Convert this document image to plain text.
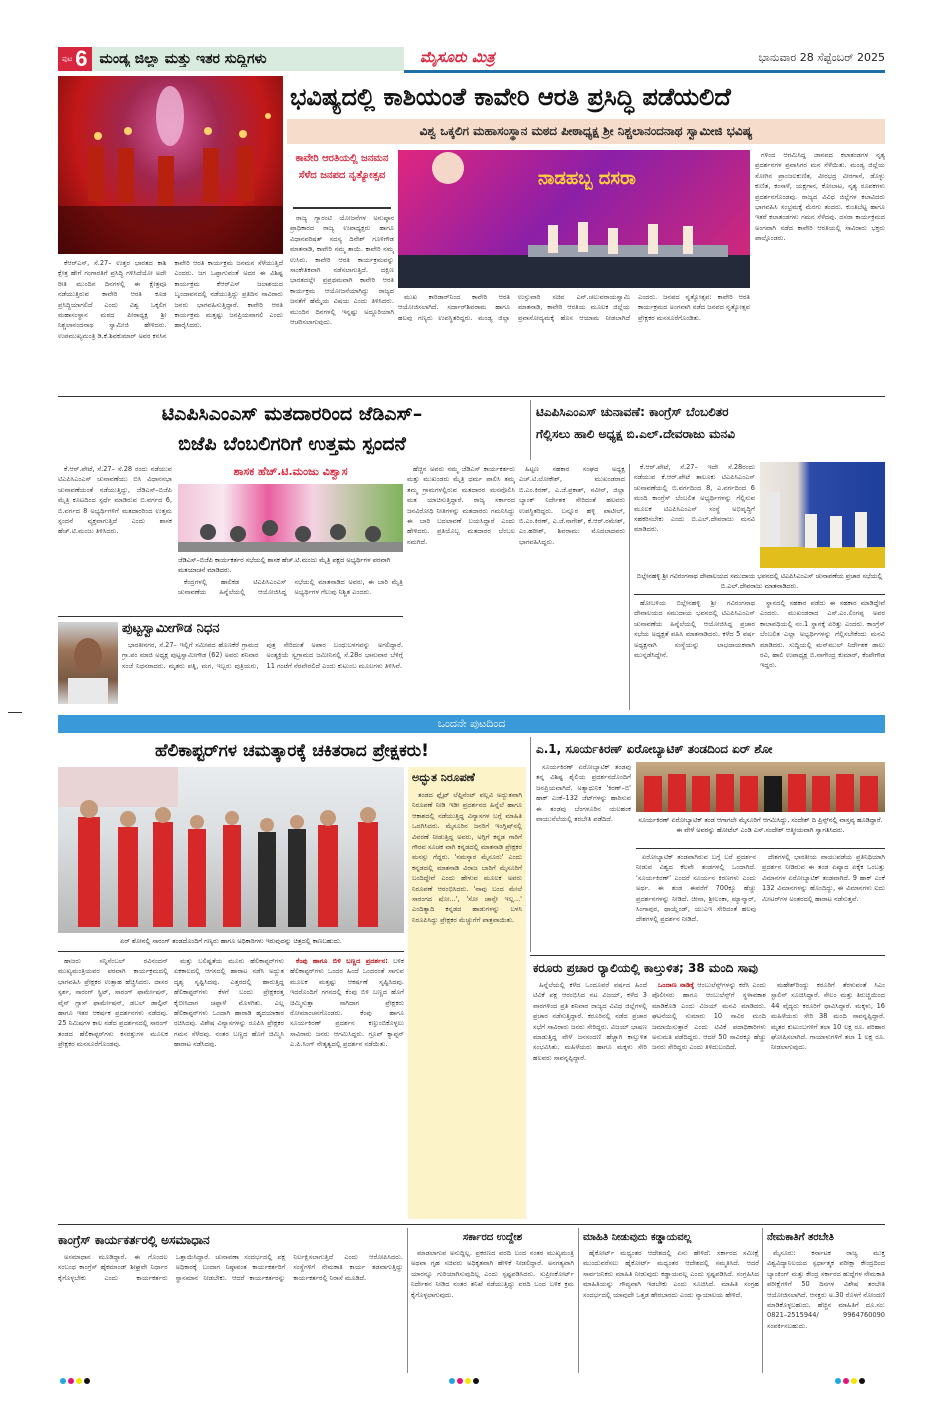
ಪುಟ 6 ಮಂಡ್ಯ ಜಿಲ್ಲಾ ಮತ್ತು ಇತರ ಸುದ್ದಿಗಳು	ಮೈಸೂರು ಮಿತ್ರ	ಭಾನುವಾರ 28 ಸೆಪ್ಟೆಂಬರ್ 2025
ಭವಿಷ್ಯದಲ್ಲಿ ಕಾಶಿಯಂತೆ ಕಾವೇರಿ ಆರತಿ ಪ್ರಸಿದ್ಧಿ ಪಡೆಯಲಿದೆ
ವಿಶ್ವ ಒಕ್ಕಲಿಗ ಮಹಾಸಂಸ್ಥಾನ ಮಠದ ಪೀಠಾಧ್ಯಕ್ಷ ಶ್ರೀ ನಿಶ್ಚಲಾನಂದನಾಥ ಸ್ವಾಮೀಜಿ ಭವಿಷ್ಯ
ಕಾವೇರಿ ಆರತಿಯಲ್ಲಿ ಜನಮನ ಸೆಳೆದ ಜನಪದ ನೃತ್ಯೋತ್ಸವ	ನಾಡಹಬ್ಬ ದಸರಾ

ಕೆಆರ್‌ಎಸ್, ಸೆ.27– ಉತ್ತರ ಭಾರತದ ಕಾಶಿ ಕ್ಷೇತ್ರ ಹೇಗೆ ಗಂಗಾರತಿಗೆ ಪ್ರಸಿದ್ಧಿ ಗಳಿಸಿದೆಯೋ ಅದೇ ರೀತಿ ಮುಂದಿನ ದಿನಗಳಲ್ಲಿ ಈ ಕ್ಷೇತ್ರವೂ ನಡೆಯುತ್ತಿರುವ ಕಾವೇರಿ ಆರತಿ ಕೂಡ ಪ್ರಸಿದ್ಧಿಯಾಗಲಿದೆ ಎಂದು ವಿಶ್ವ ಒಕ್ಕಲಿಗ ಮಹಾಸಂಸ್ಥಾನ ಮಠದ ಪೀಠಾಧ್ಯಕ್ಷ ಶ್ರೀ ನಿಶ್ಚಲಾನಂದನಾಥ ಸ್ವಾಮೀಜಿ ಹೇಳಿದರು. ಉಪಮುಖ್ಯಮಂತ್ರಿ ಡಿ.ಕೆ.ಶಿವಕುಮಾರ್ ಅವರ ಕನಸಿನ ಕಾವೇರಿ ಆರತಿ ಕಾರ್ಯಕ್ರಮ ಜನಮನ ಸೆಳೆಯುತ್ತಿದೆ ಎಂದರು. ಜಗ ಒಪ್ಪಾಗುವಂತೆ ಅದರ ಈ ವಿಶಿಷ್ಟ ಕಾರ್ಯಕ್ರಮ ಕೆಆರ್‌ಎಸ್ ಜಲಾಶಯದ ಬೃಂದಾವನದಲ್ಲಿ ನಡೆಯುತ್ತಿದ್ದು ಪ್ರತಿದಿನ ಸಾವಿರಾರು ಜನರು ಭಾಗವಹಿಸುತ್ತಿದ್ದಾರೆ. ಕಾವೇರಿ ಆರತಿ ಕಾರ್ಯಕ್ರಮ ಮತ್ತಷ್ಟು ಜನಪ್ರಿಯವಾಗಲಿ ಎಂದು ಹಾರೈಸಿದರು.

ರಾಜ್ಯ ಗ್ಯಾರಂಟಿ ಯೋಜನೆಗಳ ಅನುಷ್ಠಾನ ಪ್ರಾಧಿಕಾರದ ರಾಜ್ಯ ಉಪಾಧ್ಯಕ್ಷರು ಹಾಗೂ ವಿಧಾನಪರಿಷತ್ ಸದಸ್ಯ ದಿನೇಶ್ ಗೂಳಿಗೌಡ ಮಾತನಾಡಿ, ಕಾವೇರಿ ನಮ್ಮ ತಾಯಿ. ಕಾವೇರಿ ನಮ್ಮ ಉಸಿರು. ಕಾವೇರಿ ಆರತಿ ಕಾರ್ಯಕ್ರಮವನ್ನು ಸಾಂಕೇತಿಕವಾಗಿ ನಡೆಸಲಾಗುತ್ತಿದೆ. ದಕ್ಷಿಣ ಭಾರತದಲ್ಲೇ ಪ್ರಪ್ರಥಮವಾಗಿ ಕಾವೇರಿ ಆರತಿ ಕಾರ್ಯಕ್ರಮ ಆಯೋಜನೆಯಾಗಿದ್ದು ರಾಜ್ಯದ ಜನತೆಗೆ ಹೆಮ್ಮೆಯ ವಿಷಯ ಎಂದು ತಿಳಿಸಿದರು. ಮುಂದಿನ ದಿನಗಳಲ್ಲಿ ಇನ್ನಷ್ಟು ಅದ್ದೂರಿಯಾಗಿ ಆಚರಿಸಲಾಗುವುದು.

ಮುಖ ಕಾರಿಡಾರ್‌ನಿಂದ ಕಾವೇರಿ ಆರತಿ ಆಯೋಜಿಸಲಾಗಿದೆ. ಸರ್ದಾರ್‌ಶಿವರಾಮ ಹಾಗೂ ಹಲವು ಗಣ್ಯರು ಉಪಸ್ಥಿತರಿದ್ದರು. ಮಂಡ್ಯ ಜಿಲ್ಲಾ ಉಸ್ತುವಾರಿ ಸಚಿವ ಎನ್.ಚಲುವರಾಯಸ್ವಾಮಿ ಮಾತನಾಡಿ, ಕಾವೇರಿ ಆರತಿಯ ಮೂಲಕ ಜಿಲ್ಲೆಯ ಪ್ರವಾಸೋದ್ಯಮಕ್ಕೆ ಹೊಸ ಆಯಾಮ ನೀಡಲಾಗಿದೆ ಎಂದರು. ಜನಪದ ನೃತ್ಯೋತ್ಸವ: ಕಾವೇರಿ ಆರತಿ ಕಾರ್ಯಕ್ರಮದ ಅಂಗವಾಗಿ ನಡೆದ ಜನಪದ ನೃತ್ಯೋತ್ಸವ ಪ್ರೇಕ್ಷಕರ ಮನಸೂರೆಗೊಂಡಿತು.

ಗಳಿಂದ ಆಗಮಿಸಿದ್ದ ಜಾನಪದ ಕಲಾತಂಡಗಳ ನೃತ್ಯ ಪ್ರದರ್ಶನಗಳ ಪ್ರವಾಸಿಗರ ಮನ ಸೆಳೆಯಿತು. ಮಂಡ್ಯ ಜಿಲ್ಲೆಯ ಸೋಗಿನ ಪ್ರಾಂಜಲಕುಣಿತ, ವೀರಭದ್ರ ವೀರಗಾಸೆ, ಡೊಳ್ಳು ಕುಣಿತ, ಕಂಸಾಳೆ, ಯಕ್ಷಗಾನ, ಕೋಲಾಟ, ನೃತ್ಯ ರೂಪಕಗಳು ಪ್ರದರ್ಶನಗೊಂಡವು. ರಾಜ್ಯದ ವಿವಿಧ ಜಿಲ್ಲೆಗಳ ಕಲಾವಿದರು ಭಾಗವಹಿಸಿ ಸಂಭ್ರಮಕ್ಕೆ ಮೆರಗು ತಂದರು. ಕುಂತಿಬೆಟ್ಟ ಹಾಗೂ ಇತರೆ ಕಲಾತಂಡಗಳು ಗಮನ ಸೆಳೆದವು. ದಸರಾ ಕಾರ್ಯಕ್ರಮದ ಅಂಗವಾಗಿ ನಡೆದ ಕಾವೇರಿ ಆರತಿಯಲ್ಲಿ ಸಾವಿರಾರು ಭಕ್ತರು ಪಾಲ್ಗೊಂಡರು.

ಟಿಎಪಿಸಿಎಂಎಸ್ ಮತದಾರರಿಂದ ಜೆಡಿಎಸ್–
ಬಿಜೆಪಿ ಬೆಂಬಲಿಗರಿಗೆ ಉತ್ತಮ ಸ್ಪಂದನೆ
ಶಾಸಕ ಹೆಚ್.ಟಿ.ಮಂಜು ವಿಶ್ವಾಸ

ಕೆ.ಆರ್.ಪೇಟೆ, ಸೆ.27– ಸೆ.28 ರಂದು ನಡೆಯುವ ಟಿಎಪಿಸಿಎಂಎಸ್ ಚುನಾವಣೆಯು ಬಿಸಿ ವಿಧಾನಸಭಾ ಚುನಾವಣೆಯಂತೆ ನಡೆಯುತ್ತಿದ್ದು, ಜೆಡಿಎಸ್–ಬಿಜೆಪಿ ಮೈತ್ರಿ ಕೂಟದಿಂದ ಸ್ಪರ್ಧೆ ಮಾಡಿರುವ ಬಿ.ವರ್ಗದ 6, ಬಿ.ವರ್ಗದ 8 ಅಭ್ಯರ್ಥಿಗಳಿಗೆ ಮತದಾರರಿಂದ ಉತ್ತಮ ಸ್ಪಂದನೆ ವ್ಯಕ್ತವಾಗುತ್ತಿದೆ ಎಂದು ಶಾಸಕ ಹೆಚ್.ಟಿ.ಮಂಜು ತಿಳಿಸಿದರು.

ಜೆಡಿಎಸ್–ಬಿಜೆಪಿ ಕಾರ್ಯಕರ್ತರ ಸಭೆಯಲ್ಲಿ ಶಾಸಕ ಹೆಚ್.ಟಿ.ಮಂಜು ಮೈತ್ರಿ ಪಕ್ಷದ ಅಭ್ಯರ್ಥಿಗಳ ಪರವಾಗಿ ಮತಯಾಚನೆ ಮಾಡಿದರು.

ಕೆಂದ್ರಗಳಲ್ಲಿ ಹಾಲಿಕಡ ಟಿಎಪಿಸಿಎಂಎಸ್ ಚುನಾವಣೆಯ ಹಿನ್ನೆಲೆಯಲ್ಲಿ ಆಯೋಜಿಸಿದ್ದ ಸಭೆಯಲ್ಲಿ ಮಾತನಾಡಿದ ಅವರು, ಈ ಬಾರಿ ಮೈತ್ರಿ ಅಭ್ಯರ್ಥಿಗಳ ಗೆಲುವು ನಿಶ್ಚಿತ ಎಂದರು.

ಹೆಚ್ಚಿನ ಅವರು ನಮ್ಮ ಜೆಡಿಎಸ್ ಕಾರ್ಯಕರ್ತರು ಮತ್ತು ಮುಖಂಡರು ಮೈತ್ರಿ ಧರ್ಮ ಪಾಲಿಸಿ ತಮ್ಮ ತಮ್ಮ ಗ್ರಾಮಗಳಲ್ಲಿರುವ ಮತದಾರರ ಮನವೊಲಿಸಿ ಮತ ಯಾಚಿಸುತ್ತಿದ್ದಾರೆ. ರಾಜ್ಯ ಸರ್ಕಾರದ ಜನವಿರೋಧಿ ನೀತಿಗಳನ್ನು ಮತದಾರರು ಗಮನಿಸಿದ್ದು ಈ ಬಾರಿ ಬದಲಾವಣೆ ಬಯಸಿದ್ದಾರೆ ಎಂದು ಹೇಳಿದರು. ಪ್ರತಿಯೊಬ್ಬ ಮತದಾರರ ಬೆಂಬಲ ನಮಗಿದೆ.

ಹಿಟ್ಟಣ ಸಹಕಾರ ಸಂಘದ ಅಧ್ಯಕ್ಷ ಎಚ್.ಟಿ.ಲೋಕೇಶ್, ಮುಖಂಡರಾದ ಬಿ.ಎಂ.ಕಿರಣ್, ಎ.ಜೆ.ಪ್ರಕಾಶ್, ನವೀನ್, ಜಿಲ್ಲಾ ಬ್ಯಾಂಕ್ ನಿರ್ದೇಶಕ ಸೇರಿದಂತೆ ಹಲವರು ಉಪಸ್ಥಿತರಿದ್ದರು. ಬನ್ನೂರ ಹಳ್ಳಿ ಪಾಟೀಲ್, ಬಿ.ಎಂ.ಕಿರಣ್, ಎ.ಜೆ.ನಾಗೇಶ್, ಕೆ.ಆರ್.ರಮೇಶ್, ಎಂ.ಹರೀಶ್, ಶಿವರಾಮು ಮೊದಲಾದವರು ಭಾಗವಹಿಸಿದ್ದರು.

ಪುಟ್ಟಸ್ವಾಮೀಗೌಡ ನಿಧನ

ಭಾರತೀನಗರ, ಸೆ.27– ಇಲ್ಲಿಗೆ ಸಮೀಪದ ಹೊಣಕೆರೆ ಗ್ರಾಮದ ಗ್ರಾ.ಪಂ ಮಾಜಿ ಅಧ್ಯಕ್ಷ ಪುಟ್ಟಸ್ವಾಮೀಗೌಡ (62) ಅವರು ಶನಿವಾರ ಸಂಜೆ ನಿಧನರಾದರು. ಮೃತರು ಪತ್ನಿ, ಮಗ, ಇಬ್ಬರು ಪುತ್ರಿಯರು, ಪುತ್ರ ಸೇರಿದಂತೆ ಅಪಾರ ಬಂಧುಬಳಗವನ್ನು ಅಗಲಿದ್ದಾರೆ. ಅಂತ್ಯಕ್ರಿಯೆ ಸ್ವಗ್ರಾಮದ ಜಮೀನಿನಲ್ಲಿ ಸೆ.28ರ ಭಾನುವಾರ ಬೆಳಿಗ್ಗೆ 11 ಗಂಟೆಗೆ ನೆರವೇರಲಿದೆ ಎಂದು ಕುಟುಂಬ ಮೂಲಗಳು ತಿಳಿಸಿವೆ.

ಟಿಎಪಿಸಿಎಂಎಸ್ ಚುನಾವಣೆ: ಕಾಂಗ್ರೆಸ್ ಬೆಂಬಲಿತರ
ಗೆಲ್ಲಿಸಲು ಹಾಲಿ ಅಧ್ಯಕ್ಷ ಬಿ.ಎಲ್.ದೇವರಾಜು ಮನವಿ

ಕೆ.ಆರ್.ಪೇಟೆ, ಸೆ.27– ಇದೇ ಸೆ.28ರಂದು ನಡೆಯುವ ಕೆ.ಆರ್.ಪೇಟೆ ತಾಲೂಕು ಟಿಎಪಿಸಿಎಂಎಸ್ ಚುನಾವಣೆಯಲ್ಲಿ ಬಿ.ವರ್ಗದಿಂದ 8, ಎ.ವರ್ಗದಿಂದ 6 ಮಂದಿ ಕಾಂಗ್ರೆಸ್ ಬೆಂಬಲಿತ ಅಭ್ಯರ್ಥಿಗಳನ್ನು ಗೆಲ್ಲಿಸುವ ಮೂಲಕ ಟಿಎಪಿಸಿಎಂಎಸ್ ಸಂಸ್ಥೆ ಅಭಿವೃದ್ಧಿಗೆ ಸಹಕರಿಸಬೇಕು ಎಂದು ಬಿ.ಎಲ್.ದೇವರಾಜು ಮನವಿ ಮಾಡಿದರು.

ಬಿಲ್ಲೇನಹಳ್ಳಿ ಶ್ರೀ ಗವಿರಂಗನಾಥ ದೇವಾಲಯದ ಸಮುದಾಯ ಭವನದಲ್ಲಿ ಟಿಎಪಿಸಿಎಂಎಸ್ ಚುನಾವಣೆಯ ಪ್ರಚಾರ ಸಭೆಯಲ್ಲಿ ಬಿ.ಎಲ್.ದೇವರಾಜು ಮಾತನಾಡಿದರು.

ಹೋಬಳಿಯ ಬಿಲ್ಲೇನಹಳ್ಳಿ ಶ್ರೀ ಗವಿರಂಗನಾಥ ದೇವಾಲಯದ ಸಮುದಾಯ ಭವನದಲ್ಲಿ ಟಿಎಪಿಸಿಎಂಎಸ್ ಚುನಾವಣೆಯ ಹಿನ್ನೆಲೆಯಲ್ಲಿ ಆಯೋಜಿಸಿದ್ದ ಪ್ರಚಾರ ಸಭೆಯ ಅಧ್ಯಕ್ಷತೆ ವಹಿಸಿ ಮಾತನಾಡಿದರು. ಕಳೆದ 5 ವರ್ಷ ಅಧ್ಯಕ್ಷನಾಗಿ ಸಂಸ್ಥೆಯನ್ನು ಲಾಭದಾಯಕವಾಗಿ ಮುನ್ನಡೆಸಿದ್ದೇನೆ.

ಸ್ಥಾನದಲ್ಲಿ ಸಹಕಾರ ಪಡೆದು ಈ ಸಹಕಾರ ಮಾಡಿದ್ದೇವೆ ಎಂದರು. ಮುಖಂಡರಾದ ಎಸ್.ಎಂ.ಲಿಂಗಪ್ಪ ಅವರ ಕಾಲಾವಧಿಯಲ್ಲಿ ನಂ.1 ಸ್ಥಾನಕ್ಕೆ ಏರಿತ್ತು ಎಂದರು. ಕಾಂಗ್ರೆಸ್ ಬೆಂಬಲಿತ ಎಲ್ಲಾ ಅಭ್ಯರ್ಥಿಗಳನ್ನು ಗೆಲ್ಲಿಸಬೇಕೆಂದು ಮನವಿ ಮಾಡಿದರು. ಸುದ್ದಿಯಲ್ಲಿ ಮನ್‌ಮುಲ್ ನಿರ್ದೇಶಕ ಡಾಲು ರವಿ, ಹಾಲಿ ಉಪಾಧ್ಯಕ್ಷ ಬಿ.ನಾಗೇಂದ್ರ ಕುಮಾರ್, ಕೆಂಪೇಗೌಡ ಇದ್ದರು.

ಒಂದನೇ ಪುಟದಿಂದ
ಹೆಲಿಕಾಪ್ಟರ್‌ಗಳ ಚಮತ್ಕಾರಕ್ಕೆ ಚಕಿತರಾದ ಪ್ರೇಕ್ಷಕರು!
ಏರ್ ಶೋನಲ್ಲಿ ಸಾರಂಗ್ ತಂಡದೊಂದಿಗೆ ಗಣ್ಯರು ಹಾಗೂ ಅಧಿಕಾರಿಗಳು ಇರುವುದನ್ನು ಚಿತ್ರದಲ್ಲಿ ಕಾಣಬಹುದು.
ಅದ್ಭುತ ನಿರೂಪಣೆ

ತಂಡದ ಫ್ಲೈಟ್ ಲೆಫ್ಟಿನೆಂಟ್ ಪಲ್ಲವಿ ಅದ್ಭುತವಾಗಿ ನಿರೂಪಣೆ ನೀಡಿ ಇಡೀ ಪ್ರದರ್ಶನದ ಹಿನ್ನೆಲೆ ಹಾಗೂ ಆಕಾಶದಲ್ಲಿ ನಡೆಯುತ್ತಿದ್ದ ವಿನ್ಯಾಸಗಳ ಬಗ್ಗೆ ಮಾಹಿತಿ ಒದಗಿಸಿದರು. ಮೈಸೂರಿನ ಜನರಿಗೆ ಇಂಗ್ಲಿಷ್‌ನಲ್ಲಿ ವಿವರಣೆ ನೀಡುತ್ತಿದ್ದ ಅವರು, ಅಗ್ಗಿಗೆ ಕನ್ನಡ ಗಾರಿಗೆ ಗೌರವ ಸೂಚಕ ವಾಗಿ ಕನ್ನಡದಲ್ಲಿ ಮಾತನಾಡಿ ಪ್ರೇಕ್ಷಕರ ಮನಸ್ಸು ಗೆದ್ದರು. 'ನಮಸ್ಕಾರ ಮೈಸೂರು' ಎಂದು ಕನ್ನಡದಲ್ಲಿ ಮಾತನಾಡಿ ವಿರಾಜ ಬಾರಿಗೆ ಮೈಸೂರಿಗೆ ಬಂದಿದ್ದೇವೆ ಎಂದು ಹೇಳುವ ಮೂಲಕ ಅವರು ನಿರೂಪಣೆ ಆರಂಭಿಸಿದರು. 'ನಾವು ಬಂದ ಮೇಲೆ ಸಾರಂಗದ ಷೋ...', 'ಸೋ ಚಾನ್ಸೇ ಇಲ್ಲ...' ಎಂದಿತ್ಯಾದಿ ಕನ್ನಡದ ಹಾಡುಗಳನ್ನು ಬಳಸಿ ನಿರೂಪಿಸಿದ್ದು ಪ್ರೇಕ್ಷಕರ ಮೆಚ್ಚುಗೆಗೆ ಪಾತ್ರವಾಯಿತು.

ಹಾಜರು ಸನ್ನಿಸೆಂಬಲ್ ರವಿನಂದನ್ ಮುಖ್ಯಮಂತ್ರಿಯವರ ಪರವಾಗಿ ಕಾರ್ಯಕ್ರಮದಲ್ಲಿ ಭಾಗವಹಿಸಿ ಪ್ರೇಕ್ಷಕರ ಉತ್ಸಾಹ ಹೆಚ್ಚಿಸಿದರು. ದಾಸರ ಸ್ಪರ್ಶ, ಸಾರಂಗ್ ಸ್ಪ್ರಿಟ್, ಸಾರಂಗ್ ಫಾರ್ಮೇಷನ್, ವೈನ್ ಗ್ಲಾಸ್ ಫಾರ್ಮೇಷನ್, ಡಬಲ್ ಡಾಲ್ಫಿನ್ ಹಾಗೂ ಇತರ ಆಕರ್ಷಕ ಪ್ರದರ್ಶನಗಳು ನಡೆದವು. 25 ನಿಮಿಷಗಳ ಕಾಲ ನಡೆದ ಪ್ರದರ್ಶನದಲ್ಲಿ ಸಾರಂಗ್ ತಂಡದ ಹೆಲಿಕಾಪ್ಟರ್‌ಗಳು ಕಸರತ್ತುಗಳ ಮೂಲಕ ಪ್ರೇಕ್ಷಕರ ಮನಸೂರೆಗೊಂಡವು.

ಮತ್ತು ಬಲಿಷ್ಟತೆಯ ಮೂರು ಹೆಲಿಕಾಪ್ಟರ್‌ಗಳು ಏಕಕಾಲದಲ್ಲಿ ಆಗಸದಲ್ಲಿ ಹಾರಾಟ ನಡೆಸಿ ಅದ್ಭುತ ದೃಶ್ಯ ಸೃಷ್ಟಿಸಿದವು. ಎತ್ತರದಲ್ಲಿ ಹಾರುತ್ತಿದ್ದ ಹೆಲಿಕಾಪ್ಟರ್‌ಗಳು ಕೆಳಗೆ ಬಂದು ಪ್ರೇಕ್ಷಕರತ್ತ ಕೈಬೀಸಿದಾಗ ಚಪ್ಪಾಳೆ ಮೊಳಗಿತು. ಎಲ್ಲ ಹೆಲಿಕಾಪ್ಟರ್‌ಗಳು ಒಂದಾಗಿ ಹಾರಾಡಿ ಹೃದಯಾಕಾರ ರಚಿಸಿದವು. ವಿಶೇಷ ವಿನ್ಯಾಸಗಳನ್ನು ರೂಪಿಸಿ ಪ್ರೇಕ್ಷಕರ ಗಮನ ಸೆಳೆದವು. ನಂತರ ಬಣ್ಣದ ಹೊಗೆ ಚಿಮ್ಮಿಸಿ ಹಾರಾಟ ನಡೆಸಿದವು.

ಕೆಂಪು ಹಾಗೂ ಬಿಳಿ ಬಣ್ಣದ ಪ್ರದರ್ಶನ: ಬಳಿಕ ಹೆಲಿಕಾಪ್ಟರ್‌ಗಳು ಒಂದರ ಹಿಂದೆ ಒಂದರಂತೆ ಸಾಗುವ ಮೂಲಕ ಮತ್ತಷ್ಟು ಆಕರ್ಷಣೆ ಸೃಷ್ಟಿಸಿದವು. ಇದರೊಂದಿಗೆ ಗಗನದಲ್ಲಿ ಕೆಂಪು ಬಿಳಿ ಬಣ್ಣದ ಹೊಗೆ ಚಿಮ್ಮಿಸುತ್ತಾ ಸಾಗಿದಾಗ ಪ್ರೇಕ್ಷಕರು ರೋಮಾಂಚನಗೊಂಡರು. ಕೆಂಪು ಹಾಗೂ ಸೂರ್ಯಕಿರಣ್ ಪ್ರದರ್ಶನ ಕಣ್ತುಂಬಿಕೊಳ್ಳಲು ಸಾವಿರಾರು ಜನರು ಆಗಮಿಸಿದ್ದರು. ಗ್ರೂಪ್ ಕ್ಯಾಪ್ಟನ್ ಎ.ಪಿ.ಸಿಂಗ್ ನೇತೃತ್ವದಲ್ಲಿ ಪ್ರದರ್ಶನ ನಡೆಯಿತು.

ಎ.1, ಸೂರ್ಯಕಿರಣ್ ಏರೋಬ್ಯಾಟಿಕ್ ತಂಡದಿಂದ ಏರ್ ಶೋ

ಸೂರ್ಯಕಿರಣ್ ಏರೋಬ್ಯಾಟಿಕ್ ತಂಡವು ತನ್ನ ವಿಶಿಷ್ಟ ಶೈಲಿಯ ಪ್ರದರ್ಶನದೊಂದಿಗೆ ಜನಪ್ರಿಯವಾಗಿದೆ. ಅತ್ಯಾಧುನಿಕ 'ಕಿರಣ್–ಬಿ' ಹಾಕ್ ಎಂಕೆ–132 ಜೆಟ್‌ಗಳನ್ನು ಹಾರಿಸುವ ಈ ತಂಡವು ಬೆಂಗಳೂರಿನ ಯಲಹಂಕ ವಾಯುನೆಲೆಯಲ್ಲಿ ತರಬೇತಿ ಪಡೆದಿದೆ.	ಸೂರ್ಯಕಿರಣ್ ಏರೋಬ್ಯಾಟಿಕ್ ತಂಡ ಆಗಾಗಲೇ ಮೈಸೂರಿಗೆ ಆಗಮಿಸಿದ್ದು, ಸಂದೇಶ್ ದಿ ಪ್ರಿನ್ಸ್‌ನಲ್ಲಿ ವಾಸ್ತವ್ಯ ಹೂಡಿದ್ದಾರೆ. ಈ ವೇಳೆ ಅವರನ್ನು ಹೋಟೆಲ್ ಎಂಡಿ ಎಸ್.ಸಂದೇಶ್ ಆತ್ಮೀಯವಾಗಿ ಸ್ವಾಗತಿಸಿದರು.

ಏರೋಬ್ಯಾಟಿಕ್ ತಂಡವಾಗಿರುವ ಬಗ್ಗೆ ಬರೆ ಪ್ರದರ್ಶನ ನೀಡುವ ವಿಶ್ವದ ಕೆಲವೇ ತಂಡಗಳಲ್ಲಿ ಒಂದಾಗಿದೆ. 'ಸೂರ್ಯಕಿರಣ್' ಎಂದರೆ ಸೂರ್ಯನ ಕಿರಣಗಳು ಎಂದು ಅರ್ಥ. ಈ ತಂಡ ಈವರೆಗೆ 700ಕ್ಕೂ ಹೆಚ್ಚು ಪ್ರದರ್ಶನಗಳನ್ನು ನೀಡಿದೆ. ಚೀನಾ, ಶ್ರೀಲಂಕಾ, ಮ್ಯಾನ್ಮಾರ್, ಸಿಂಗಾಪುರ, ಥಾಯ್ಲೆಂಡ್, ಯುಎಇ ಸೇರಿದಂತೆ ಹಲವು ದೇಶಗಳಲ್ಲಿ ಪ್ರದರ್ಶನ ನೀಡಿದೆ.

ದೇಶಗಳಲ್ಲಿ ಭಾರತೀಯ ವಾಯುಪಡೆಯ ಪ್ರತಿನಿಧಿಯಾಗಿ ಪ್ರದರ್ಶನ ನೀಡಿರುವ ಈ ತಂಡ ಏಷ್ಯಾದ ಏಕೈಕ ಒಂಬತ್ತು ವಿಮಾನಗಳ ಏರೋಬ್ಯಾಟಿಕ್ ತಂಡವಾಗಿದೆ. 9 ಹಾಕ್ ಎಂಕೆ 132 ವಿಮಾನಗಳನ್ನು ಹೊಂದಿದ್ದು, ಈ ವಿಮಾನಗಳು ಐದು ಮೀಟರ್‌ಗಳ ಅಂತರದಲ್ಲಿ ಹಾರಾಟ ನಡೆಸುತ್ತವೆ.

ಕರೂರು ಪ್ರಚಾರ ರ‍್ಯಾಲಿಯಲ್ಲಿ ಕಾಲ್ತುಳಿತ; 38 ಮಂದಿ ಸಾವು

ಹಿನ್ನೆಲೆಯಲ್ಲಿ ಕಳೆದ ಒಂದೂವರೆ ವರ್ಷದ ಹಿಂದೆ ಟಿವಿಕೆ ಪಕ್ಷ ಆರಂಭಿಸಿದ ನಟ ವಿಜಯ್, ಕಳೆದ 3 ವಾರಗಳಿಂದ ಪ್ರತಿ ಶನಿವಾರ ರಾಜ್ಯದ ವಿವಿಧ ಜಿಲ್ಲೆಗಳಲ್ಲಿ ಪ್ರಚಾರ ನಡೆಸುತ್ತಿದ್ದಾರೆ. ಕರೂರಿನಲ್ಲಿ ನಡೆದ ಪ್ರಚಾರ ಸಭೆಗೆ ಸಾವಿರಾರು ಜನರು ಸೇರಿದ್ದರು. ವಿಜಯ್ ಭಾಷಣ ಮಾಡುತ್ತಿದ್ದ ವೇಳೆ ಜನಸಂದಣಿ ಹೆಚ್ಚಾಗಿ ಕಾಲ್ತುಳಿತ ಸಂಭವಿಸಿತು. ಮಹಿಳೆಯರು ಹಾಗೂ ಮಕ್ಕಳು ಸೇರಿ ಹಲವರು ಸಾವನ್ನಪ್ಪಿದ್ದಾರೆ.

ಒಂದಾಣ ನಾಡಿಕ್ಕೆ ಆಂಬುಲೆನ್ಸ್‌ಗಳನ್ನು ಕರೆಸಿ ಎಂದು ಪೊಲೀಸರು ಹಾಗೂ ಆಂಬುಲೆನ್ಸ್‌ಗೆ ಸ್ಥಳಾವಕಾಶ ಮಾಡಿಕೊಡಿ ಎಂದು ವಿಜಯ್ ಮನವಿ ಮಾಡಿದರು. ಘಟನೆಯಲ್ಲಿ ಸುಮಾರು 10 ಸಾವಿರ ಮಂದಿ ಜಮಾಯಿಸುತ್ತಾರೆ ಎಂದು ಟಿವಿಕೆ ಪದಾಧಿಕಾರಿಗಳು ಅನುಮತಿ ಪಡೆದಿದ್ದರು. ಆದರೆ 50 ಸಾವಿರಕ್ಕೂ ಹೆಚ್ಚು ಜನರು ಸೇರಿದ್ದರು ಎಂದು ತಿಳಿದುಬಂದಿದೆ.

ಮಹೇಶ್‌ರಿಂದ್ದು ಕರೂರಿಗೆ ತೆರಳುವಂತೆ ಸಿಎಂ ಸ್ಟಾಲಿನ್ ಸೂಚಿಸಿದ್ದಾರೆ. ಸೇಲಂ ಮತ್ತು ತಿರುಚ್ಚಿಯಿಂದ 44 ವೈದ್ಯರು ಕರೂರಿಗೆ ಧಾವಿಸಿದ್ದಾರೆ. ಮಕ್ಕಳು, 16 ಮಹಿಳೆಯರು ಸೇರಿ 38 ಮಂದಿ ಸಾವನ್ನಪ್ಪಿದ್ದಾರೆ. ಮೃತರ ಕುಟುಂಬಗಳಿಗೆ ತಲಾ 10 ಲಕ್ಷ ರೂ. ಪರಿಹಾರ ಘೋಷಿಸಲಾಗಿದೆ. ಗಾಯಾಳುಗಳಿಗೆ ತಲಾ 1 ಲಕ್ಷ ರೂ. ನೀಡಲಾಗುವುದು.

ಕಾಂಗ್ರೆಸ್ ಕಾರ್ಯಕರ್ತರಲ್ಲಿ ಅಸಮಾಧಾನ

ಅಸಮಾಧಾನ ಮೂಡಿದ್ದಾರೆ. ಈ ಗೊಂದಲ ಸಂಬಂಧ ಕಾಂಗ್ರೆಸ್ ಹೈಕಮಾಂಡ್ ಶೀಘ್ರವೇ ನಿರ್ಧಾರ ಕೈಗೊಳ್ಳಬೇಕು ಎಂದು ಕಾರ್ಯಕರ್ತರು ಒತ್ತಾಯಿಸಿದ್ದಾರೆ. ಚುನಾವಣಾ ಸಂದರ್ಭದಲ್ಲಿ ಪಕ್ಷ ಅಧಿಕಾರಕ್ಕೆ ಬಂದಾಗ ನಿಷ್ಠಾವಂತ ಕಾರ್ಯಕರ್ತರಿಗೆ ಸ್ಥಾನಮಾನ ನೀಡಬೇಕು. ಆದರೆ ಕಾರ್ಯಕರ್ತರನ್ನು ನಿರ್ಲಕ್ಷಿಸಲಾಗುತ್ತಿದೆ ಎಂದು ಆರೋಪಿಸಿದರು. ಸಂಸ್ಥೆಗಳಿಗೆ ನೇಮಕಾತಿ ಕಾರ್ಯ ತಡವಾಗುತ್ತಿದ್ದು ಕಾರ್ಯಕರ್ತರಲ್ಲಿ ನಿರಾಸೆ ಮೂಡಿದೆ.

ಸರ್ಕಾರದ ಉದ್ದೇಶ

ಮಾಡಲಾಗುವ ಅನುದ್ದಿಲ್ಲ. ಪ್ರಕರಣದ ವರದಿ ಬಂದ ನಂತರ ಮುಖ್ಯಮಂತ್ರಿ ಅಥವಾ ಗೃಹ ಸಚಿವರು ಅಧಿಕೃತವಾಗಿ ಹೇಳಿಕೆ ನೀಡಲಿದ್ದಾರೆ. ಅನಗತ್ಯವಾಗಿ ಯಾರನ್ನೂ ಗುರಿಯಾಗಿಸುವುದಿಲ್ಲ ಎಂದು ಸ್ಪಷ್ಟಪಡಿಸಿದರು. ಸುಪ್ರೀಂಕೋರ್ಟ್ ನಿರ್ದೇಶನ ನೀಡಿದ ನಂತರ ತನಿಖೆ ನಡೆಯುತ್ತಿದ್ದು ವರದಿ ಬಂದ ಬಳಿಕ ಕ್ರಮ ಕೈಗೊಳ್ಳಲಾಗುವುದು.

ಮಾಹಿತಿ ನೀಡುವುದು ಕಡ್ಡಾಯವಲ್ಲ

ಹೈಕೋರ್ಟ್ ಮಧ್ಯಂತರ ಆದೇಶದಲ್ಲಿ ಏನು ಹೇಳಿದೆ: ಸರ್ಕಾರದ ಸಮೀಕ್ಷೆ ಮುಂದುವರೆಸಲು ಹೈಕೋರ್ಟ್ ಮಧ್ಯಂತರ ಆದೇಶದಲ್ಲಿ ಸಮ್ಮತಿಸಿದೆ. ಆದರೆ ಸಾರ್ವಜನಿಕರು ಮಾಹಿತಿ ನೀಡುವುದು ಕಡ್ಡಾಯವಲ್ಲ ಎಂದು ಸ್ಪಷ್ಟಪಡಿಸಿದೆ. ಸಂಗ್ರಹಿಸಿದ ಮಾಹಿತಿಯನ್ನು ಗೌಪ್ಯವಾಗಿ ಇಡಬೇಕು ಎಂದು ಸೂಚಿಸಿದೆ. ಮಾಹಿತಿ ಸಂಗ್ರಹ ಸಂದರ್ಭದಲ್ಲಿ ಯಾವುದೇ ಒತ್ತಡ ಹೇರಬಾರದು ಎಂದು ನ್ಯಾಯಾಲಯ ಹೇಳಿದೆ.

ನೇಮಕಾತಿಗೆ ತರಬೇತಿ

ಮೈಸೂರು: ಕರ್ನಾಟಕ ರಾಜ್ಯ ಮುಕ್ತ ವಿಶ್ವವಿದ್ಯಾನಿಲಯದ ಸ್ಪರ್ಧಾತ್ಮಕ ಪರೀಕ್ಷಾ ಕೇಂದ್ರದಿಂದ ಬ್ಯಾಂಕಿಂಗ್ ಮತ್ತು ಕೇಂದ್ರ ಸರ್ಕಾರದ ಹುದ್ದೆಗಳ ನೇಮಕಾತಿ ಪರೀಕ್ಷೆಗಳಿಗೆ 50 ದಿನಗಳ ವಿಶೇಷ ತರಬೇತಿ ಆಯೋಜಿಸಲಾಗಿದೆ. ಆಸಕ್ತರು ಅ.30 ರೊಳಗೆ ನೋಂದಣಿ ಮಾಡಿಕೊಳ್ಳಬಹುದು. ಹೆಚ್ಚಿನ ಮಾಹಿತಿಗೆ ದೂ.ಸಂ: 0821–2515944/ 9964760090 ಸಂಪರ್ಕಿಸಬಹುದು.
